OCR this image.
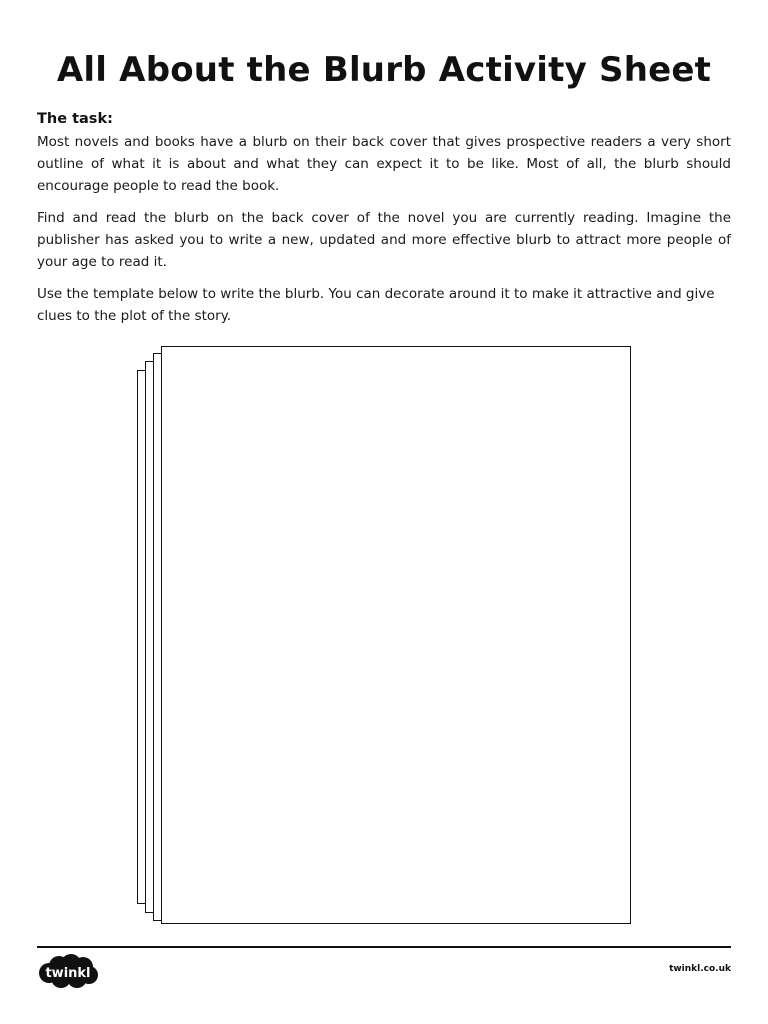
All About the Blurb Activity Sheet

The task:

Most novels and books have a blurb on their back cover that gives prospective readers a very short outline of what it is about and what they can expect it to be like. Most of all, the blurb should encourage people to read the book.

Find and read the blurb on the back cover of the novel you are currently reading. Imagine the publisher has asked you to write a new, updated and more effective blurb to attract more people of your age to read it.

Use the template below to write the blurb. You can decorate around it to make it attractive and give clues to the plot of the story.

twinkl	twinkl.co.uk
